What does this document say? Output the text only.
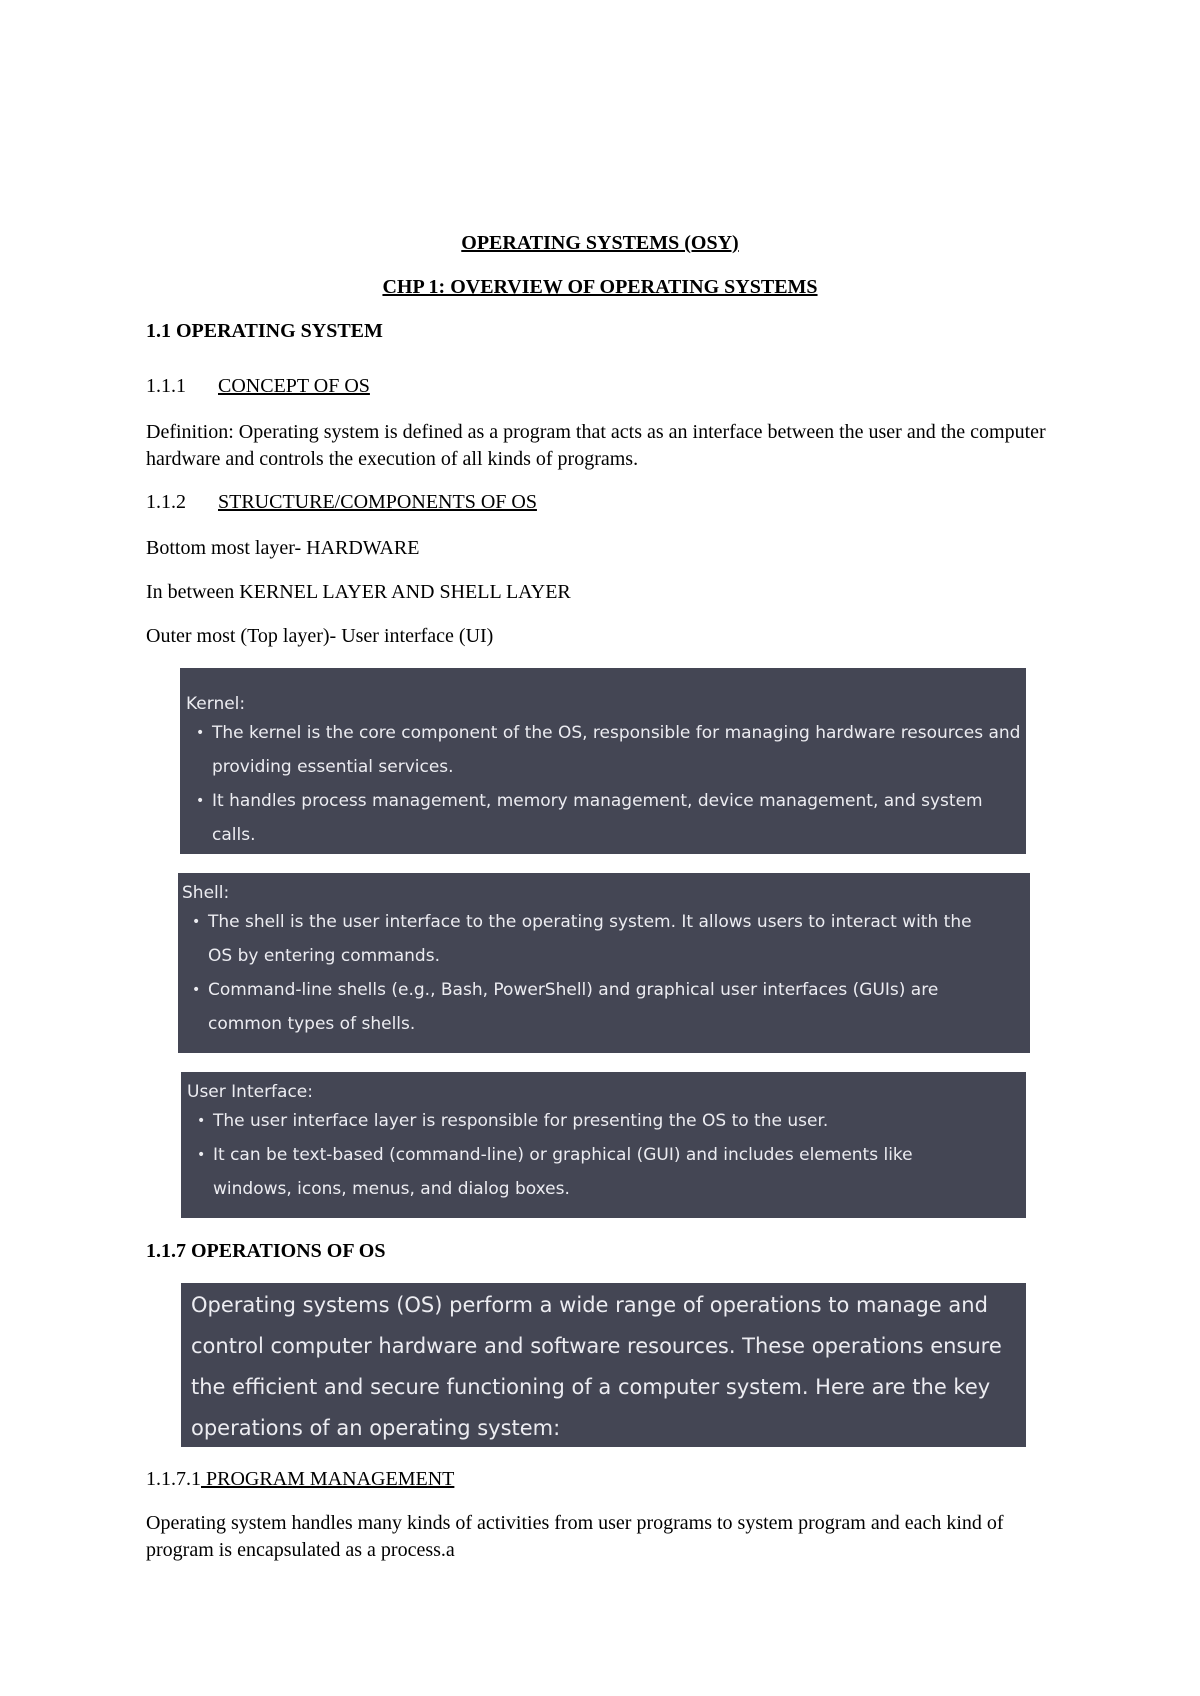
OPERATING SYSTEMS (OSY)
CHP 1: OVERVIEW OF OPERATING SYSTEMS
1.1 OPERATING SYSTEM
1.1.1 CONCEPT OF OS
Definition: Operating system is defined as a program that acts as an interface between the user and the computer hardware and controls the execution of all kinds of programs.
1.1.2 STRUCTURE/COMPONENTS OF OS
Bottom most layer- HARDWARE
In between KERNEL LAYER AND SHELL LAYER
Outer most (Top layer)- User interface (UI)
Kernel:
• The kernel is the core component of the OS, responsible for managing hardware resources and providing essential services.
• It handles process management, memory management, device management, and system calls.
Shell:
• The shell is the user interface to the operating system. It allows users to interact with the OS by entering commands.
• Command-line shells (e.g., Bash, PowerShell) and graphical user interfaces (GUIs) are common types of shells.
User Interface:
• The user interface layer is responsible for presenting the OS to the user.
• It can be text-based (command-line) or graphical (GUI) and includes elements like windows, icons, menus, and dialog boxes.
1.1.7 OPERATIONS OF OS

Operating systems (OS) perform a wide range of operations to manage and control computer hardware and software resources. These operations ensure the efficient and secure functioning of a computer system. Here are the key operations of an operating system:

1.1.7.1 PROGRAM MANAGEMENT
Operating system handles many kinds of activities from user programs to system program and each kind of program is encapsulated as a process.a
